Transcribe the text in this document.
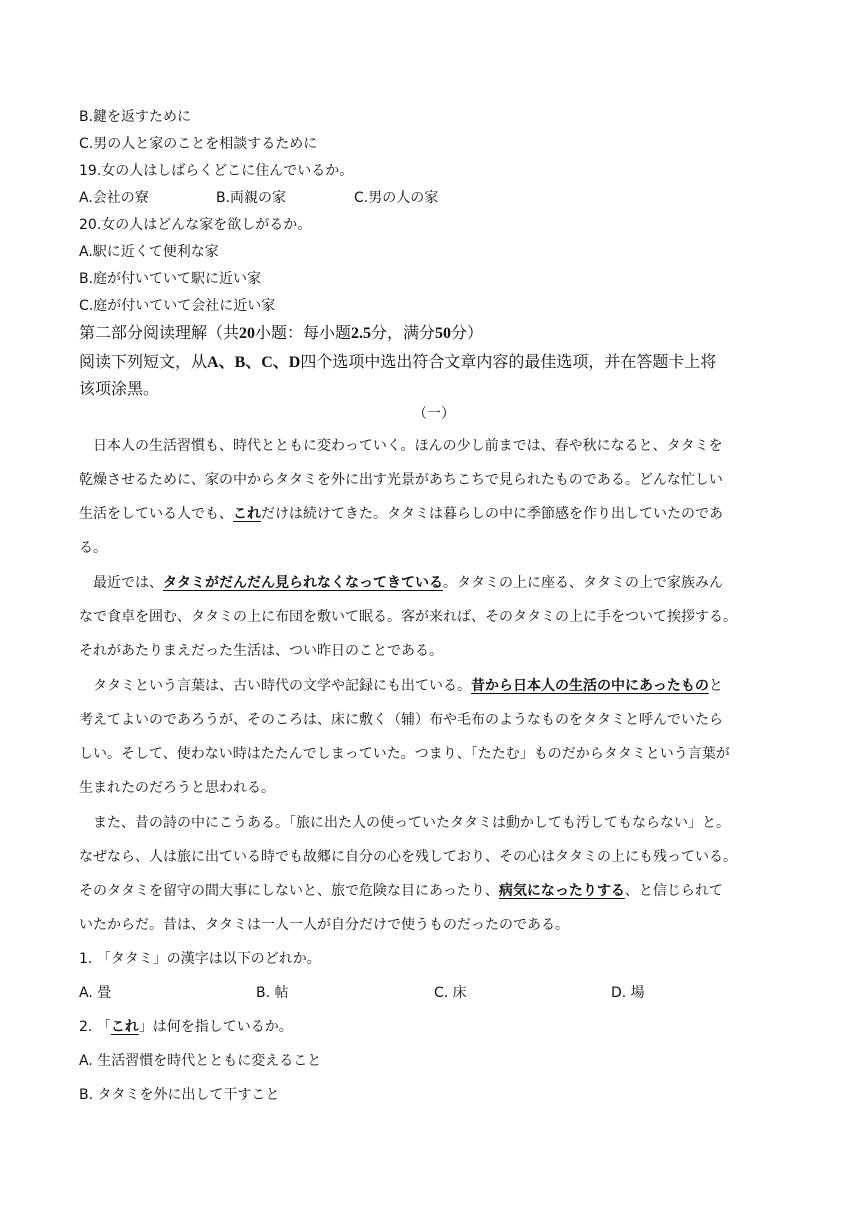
B.鍵を返すために
C.男の人と家のことを相談するために
19.女の人はしばらくどこに住んでいるか。
A.会社の寮	B.両親の家	C.男の人の家
20.女の人はどんな家を欲しがるか。
A.駅に近くて便利な家
B.庭が付いていて駅に近い家
C.庭が付いていて会社に近い家
第二部分阅读理解（共20小题：每小题2.5分，满分50分）
阅读下列短文，从A、B、C、D四个选项中选出符合文章内容的最佳选项，并在答题卡上将
该项涂黑。
（一）
　日本人の生活習慣も、時代とともに変わっていく。ほんの少し前までは、春や秋になると、タタミを
乾燥させるために、家の中からタタミを外に出す光景があちこちで見られたものである。どんな忙しい
生活をしている人でも、これだけは続けてきた。タタミは暮らしの中に季節感を作り出していたのであ
る。
　最近では、タタミがだんだん見られなくなってきている。タタミの上に座る、タタミの上で家族みん
なで食卓を囲む、タタミの上に布団を敷いて眠る。客が来れば、そのタタミの上に手をついて挨拶する。
それがあたりまえだった生活は、つい昨日のことである。
　タタミという言葉は、古い時代の文学や記録にも出ている。昔から日本人の生活の中にあったものと
考えてよいのであろうが、そのころは、床に敷く（辅）布や毛布のようなものをタタミと呼んでいたら
しい。そして、使わない時はたたんでしまっていた。つまり、「たたむ」ものだからタタミという言葉が
生まれたのだろうと思われる。
　また、昔の詩の中にこうある。「旅に出た人の使っていたタタミは動かしても汚してもならない」と。
なぜなら、人は旅に出ている時でも故郷に自分の心を残しており、その心はタタミの上にも残っている。
そのタタミを留守の間大事にしないと、旅で危険な目にあったり、病気になったりする、と信じられて
いたからだ。昔は、タタミは一人一人が自分だけで使うものだったのである。
1. 「タタミ」の漢字は以下のどれか。
A. 畳	B. 帖	C. 床	D. 場
2. 「これ」は何を指しているか。
A. 生活習慣を時代とともに変えること
B. タタミを外に出して干すこと
